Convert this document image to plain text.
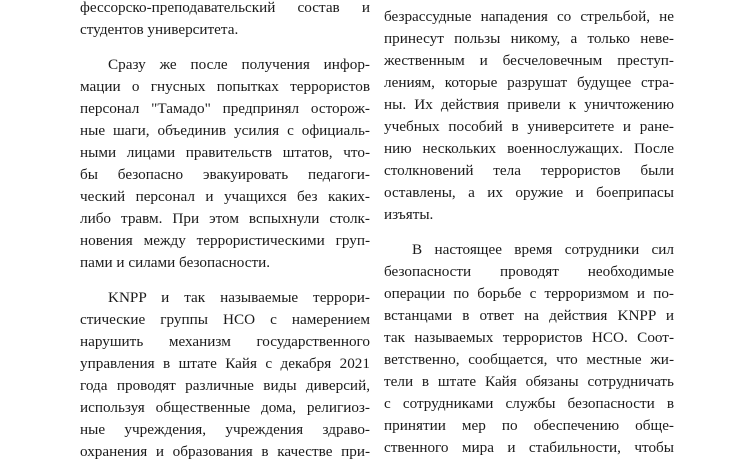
фессорско-преподавательский состав и
студентов университета.
Сразу же после получения инфор-
мации о гнусных попытках террористов
персонал "Тамадо" предпринял осторож-
ные шаги, объединив усилия с официаль-
ными лицами правительств штатов, что-
бы безопасно эвакуировать педагоги-
ческий персонал и учащихся без каких-
либо травм. При этом вспыхнули столк-
новения между террористическими груп-
пами и силами безопасности.
KNPP и так называемые террори-
стические группы НСО с намерением
нарушить механизм государственного
управления в штате Кайя с декабря 2021
года проводят различные виды диверсий,
используя общественные дома, религиоз-
ные учреждения, учреждения здраво-
охранения и образования в качестве при-
безрассудные нападения со стрельбой, не
принесут пользы никому, а только неве-
жественным и бесчеловечным преступ-
лениям, которые разрушат будущее стра-
ны. Их действия привели к уничтожению
учебных пособий в университете и ране-
нию нескольких военнослужащих. После
столкновений тела террористов были
оставлены, а их оружие и боеприпасы
изъяты.
В настоящее время сотрудники сил
безопасности проводят необходимые
операции по борьбе с терроризмом и по-
встанцами в ответ на действия KNPP и
так называемых террористов НСО. Соот-
ветственно, сообщается, что местные жи-
тели в штате Кайя обязаны сотрудничать
с сотрудниками службы безопасности в
принятии мер по обеспечению обще-
ственного мира и стабильности, чтобы
